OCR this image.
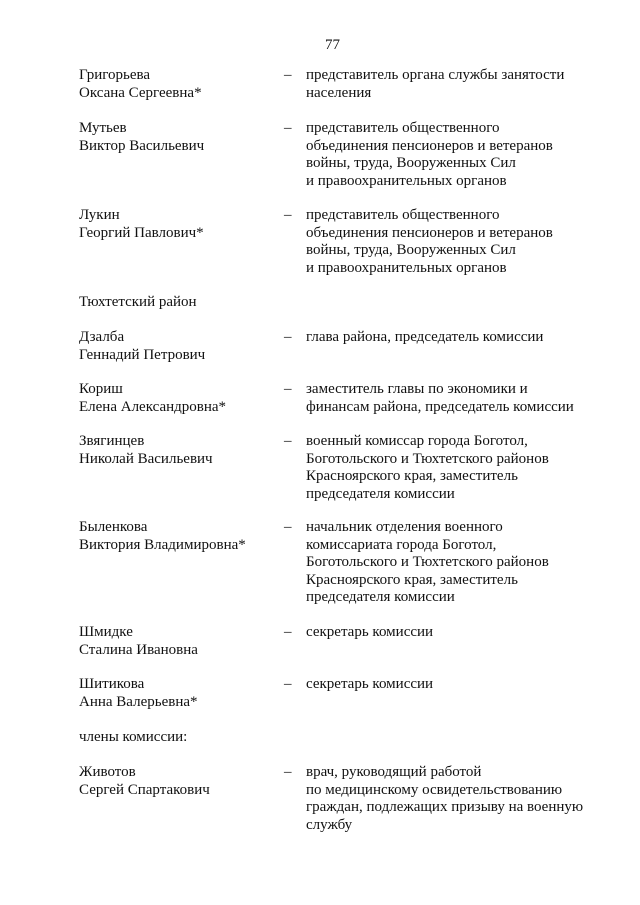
77
Григорьева
Оксана Сергеевна*
– представитель органа службы занятости
населения
Мутьев
Виктор Васильевич
– представитель общественного
объединения пенсионеров и ветеранов
войны, труда, Вооруженных Сил
и правоохранительных органов
Лукин
Георгий Павлович*
– представитель общественного
объединения пенсионеров и ветеранов
войны, труда, Вооруженных Сил
и правоохранительных органов
Тюхтетский район
Дзалба
Геннадий Петрович
– глава района, председатель комиссии
Кориш
Елена Александровна*
– заместитель главы по экономики и
финансам района, председатель комиссии
Звягинцев
Николай Васильевич
– военный комиссар города Боготол,
Боготольского и Тюхтетского районов
Красноярского края, заместитель
председателя комиссии
Быленкова
Виктория Владимировна*
– начальник отделения военного
комиссариата города Боготол,
Боготольского и Тюхтетского районов
Красноярского края, заместитель
председателя комиссии
Шмидке
Сталина Ивановна
– секретарь комиссии
Шитикова
Анна Валерьевна*
– секретарь комиссии
члены комиссии:
Животов
Сергей Спартакович
– врач, руководящий работой
по медицинскому освидетельствованию
граждан, подлежащих призыву на военную
службу
